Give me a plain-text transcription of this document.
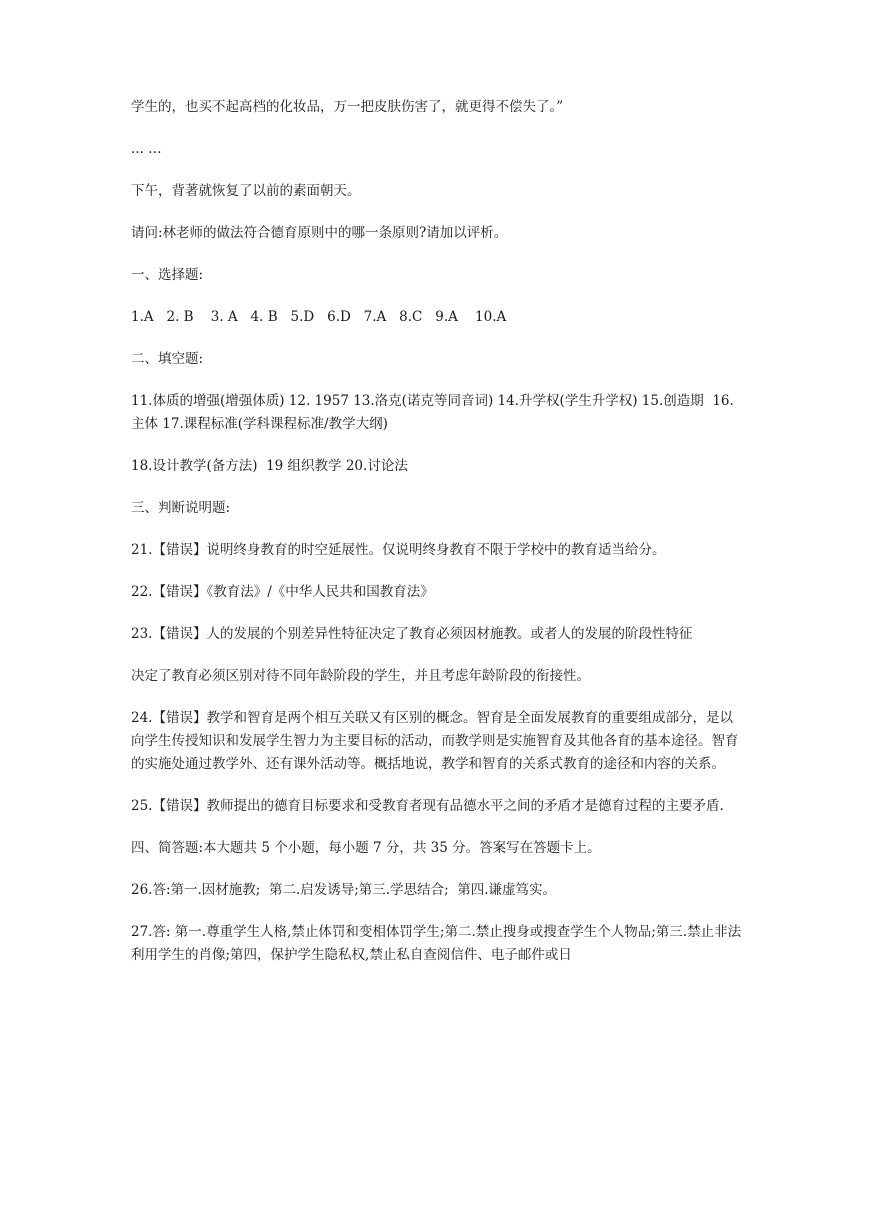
学生的，也买不起高档的化妆品，万一把皮肤伤害了，就更得不偿失了。”

... …

下午，背著就恢复了以前的素面朝天。

请问:林老师的做法符合德育原则中的哪一条原则?请加以评析。

一、选择题:

1.A   2. B    3. A   4. B   5.D   6.D   7.A   8.C   9.A    10.A

二、填空题:

11.体质的增强(增强体质) 12. 1957 13.洛克(诺克等同音词) 14.升学权(学生升学权) 15.创造期  16.主体 17.课程标准(学科课程标准/教学大纲)

18.设计教学(备方法)  19 组织教学 20.讨论法

三、判断说明题:

21.【错误】说明终身教育的时空延展性。仅说明终身教育不限于学校中的教育适当给分。

22.【错误】《教育法》/《中华人民共和国教育法》

23.【错误】人的发展的个别差异性特征决定了教育必须因材施教。或者人的发展的阶段性特征

决定了教育必须区别对待不同年龄阶段的学生，并且考虑年龄阶段的衔接性。

24.【错误】教学和智育是两个相互关联又有区别的概念。智育是全面发展教育的重要组成部分，是以向学生传授知识和发展学生智力为主要目标的活动，而教学则是实施智育及其他各育的基本途径。智育的实施处通过教学外、还有课外活动等。概括地说，教学和智育的关系式教育的途径和内容的关系。

25.【错误】教师提出的德育目标要求和受教育者现有品德水平之间的矛盾才是德育过程的主要矛盾.

四、简答题:本大题共 5 个小题，每小题 7 分，共 35 分。答案写在答题卡上。

26.答:第一.因材施教;  第二.启发诱导;第三.学思结合;  第四.谦虚笃实。

27.答: 第一.尊重学生人格,禁止体罚和变相体罚学生;第二.禁止搜身或搜查学生个人物品;第三.禁止非法利用学生的肖像;第四，保护学生隐私权,禁止私自查阅信件、电子邮件或日
